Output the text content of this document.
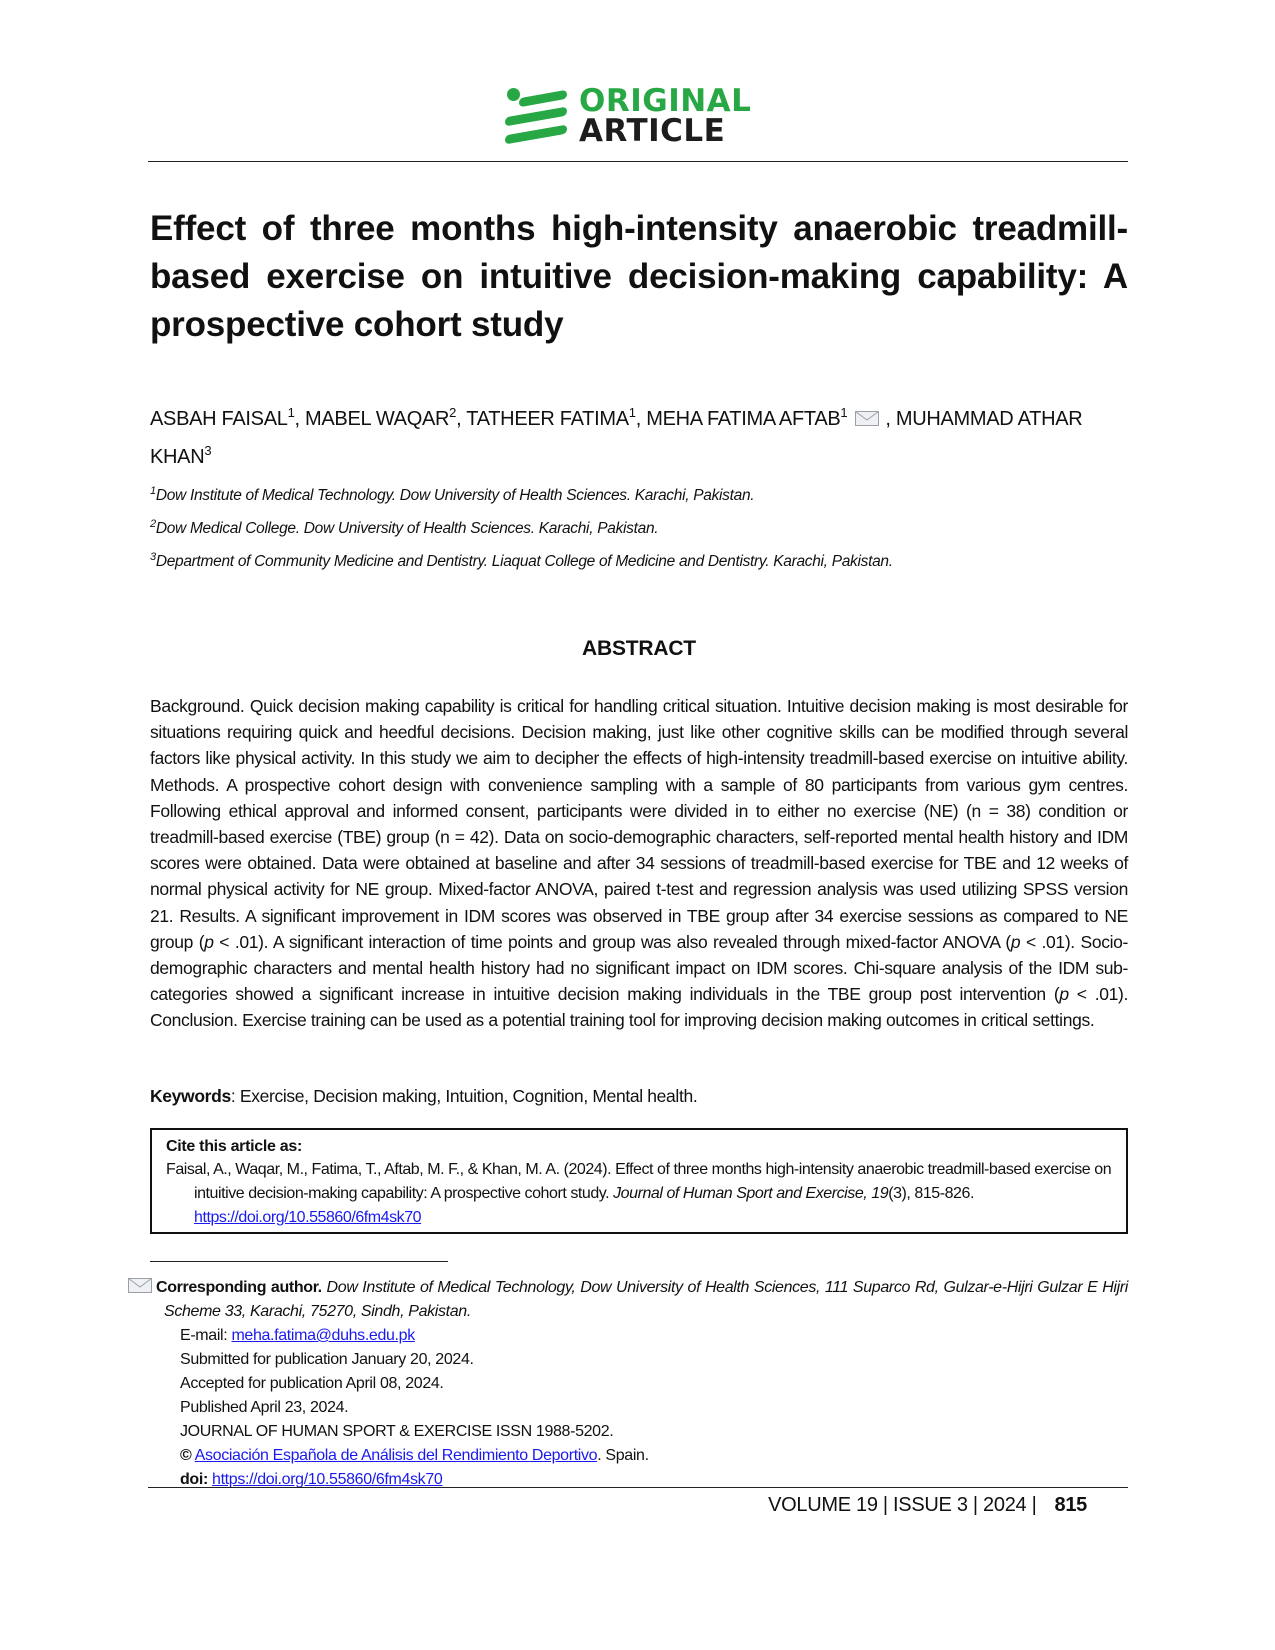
ORIGINAL
ARTICLE
Effect of three months high-intensity anaerobic treadmill-based exercise on intuitive decision-making capability: A prospective cohort study
ASBAH FAISAL$^1$, MABEL WAQAR$^2$, TATHEER FATIMA$^1$, MEHA FATIMA AFTAB$^1$ , MUHAMMAD ATHAR KHAN$^3$
$^1$Dow Institute of Medical Technology. Dow University of Health Sciences. Karachi, Pakistan.
$^2$Dow Medical College. Dow University of Health Sciences. Karachi, Pakistan.
$^3$Department of Community Medicine and Dentistry. Liaquat College of Medicine and Dentistry. Karachi, Pakistan.
ABSTRACT

Background. Quick decision making capability is critical for handling critical situation. Intuitive decision making is most desirable for situations requiring quick and heedful decisions. Decision making, just like other cognitive skills can be modified through several factors like physical activity. In this study we aim to decipher the effects of high-intensity treadmill-based exercise on intuitive ability. Methods. A prospective cohort design with convenience sampling with a sample of 80 participants from various gym centres. Following ethical approval and informed consent, participants were divided in to either no exercise (NE) (n = 38) condition or treadmill-based exercise (TBE) group (n = 42). Data on socio-demographic characters, self-reported mental health history and IDM scores were obtained. Data were obtained at baseline and after 34 sessions of treadmill-based exercise for TBE and 12 weeks of normal physical activity for NE group. Mixed-factor ANOVA, paired t-test and regression analysis was used utilizing SPSS version 21. Results. A significant improvement in IDM scores was observed in TBE group after 34 exercise sessions as compared to NE group (p < .01). A significant interaction of time points and group was also revealed through mixed-factor ANOVA (p < .01). Socio-demographic characters and mental health history had no significant impact on IDM scores. Chi-square analysis of the IDM sub-categories showed a significant increase in intuitive decision making individuals in the TBE group post intervention (p < .01). Conclusion. Exercise training can be used as a potential training tool for improving decision making outcomes in critical settings.

Keywords: Exercise, Decision making, Intuition, Cognition, Mental health.
Cite this article as:
Faisal, A., Waqar, M., Fatima, T., Aftab, M. F., & Khan, M. A. (2024). Effect of three months high-intensity anaerobic treadmill-based exercise on intuitive decision-making capability: A prospective cohort study. Journal of Human Sport and Exercise, 19(3), 815-826. https://doi.org/10.55860/6fm4sk70
Corresponding author. Dow Institute of Medical Technology, Dow University of Health Sciences, 111 Suparco Rd, Gulzar-e-Hijri Gulzar E Hijri Scheme 33, Karachi, 75270, Sindh, Pakistan.
E-mail: meha.fatima@duhs.edu.pk
Submitted for publication January 20, 2024.
Accepted for publication April 08, 2024.
Published April 23, 2024.
JOURNAL OF HUMAN SPORT & EXERCISE ISSN 1988-5202.
© Asociación Española de Análisis del Rendimiento Deportivo. Spain.
doi: https://doi.org/10.55860/6fm4sk70
VOLUME 19 | ISSUE 3 | 2024 | 815
